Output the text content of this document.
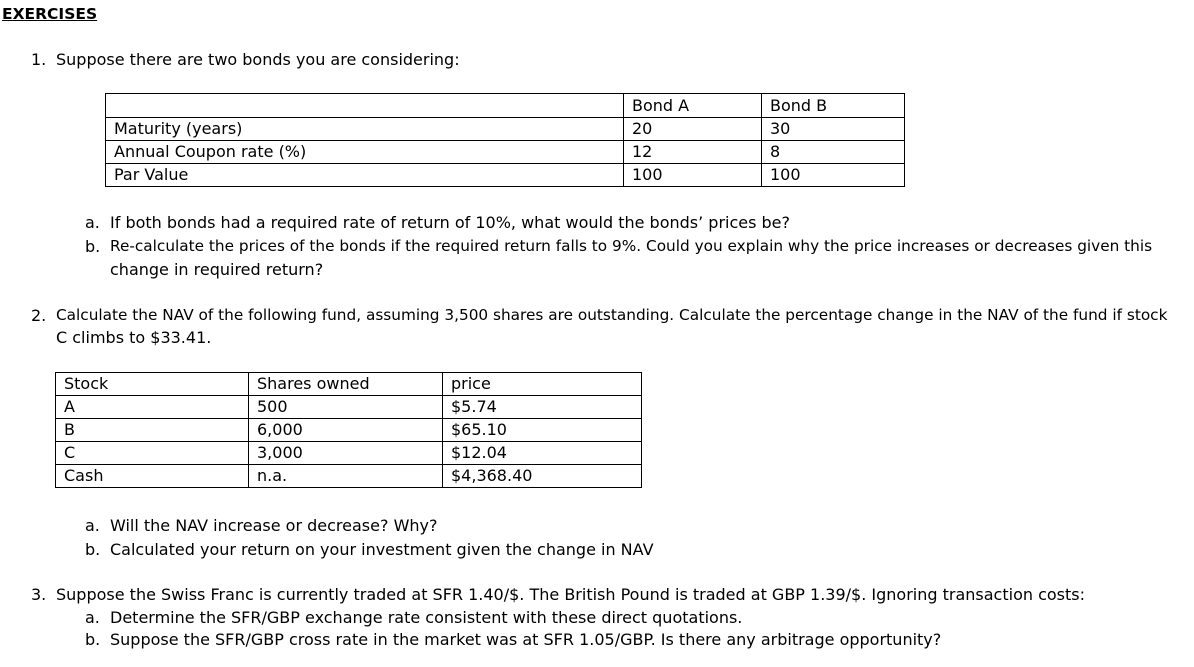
EXERCISES
1. Suppose there are two bonds you are considering:
	Bond A	Bond B
Maturity (years)	20	30
Annual Coupon rate (%)	12	8
Par Value	100	100
a. If both bonds had a required rate of return of 10%, what would the bonds’ prices be?
b. Re-calculate the prices of the bonds if the required return falls to 9%. Could you explain why the price increases or decreases given this
change in required return?
2. Calculate the NAV of the following fund, assuming 3,500 shares are outstanding. Calculate the percentage change in the NAV of the fund if stock
C climbs to $33.41.
Stock	Shares owned	price
A	500	$5.74
B	6,000	$65.10
C	3,000	$12.04
Cash	n.a.	$4,368.40
a. Will the NAV increase or decrease? Why?
b. Calculated your return on your investment given the change in NAV
3. Suppose the Swiss Franc is currently traded at SFR 1.40/$. The British Pound is traded at GBP 1.39/$. Ignoring transaction costs:
a. Determine the SFR/GBP exchange rate consistent with these direct quotations.
b. Suppose the SFR/GBP cross rate in the market was at SFR 1.05/GBP. Is there any arbitrage opportunity?
